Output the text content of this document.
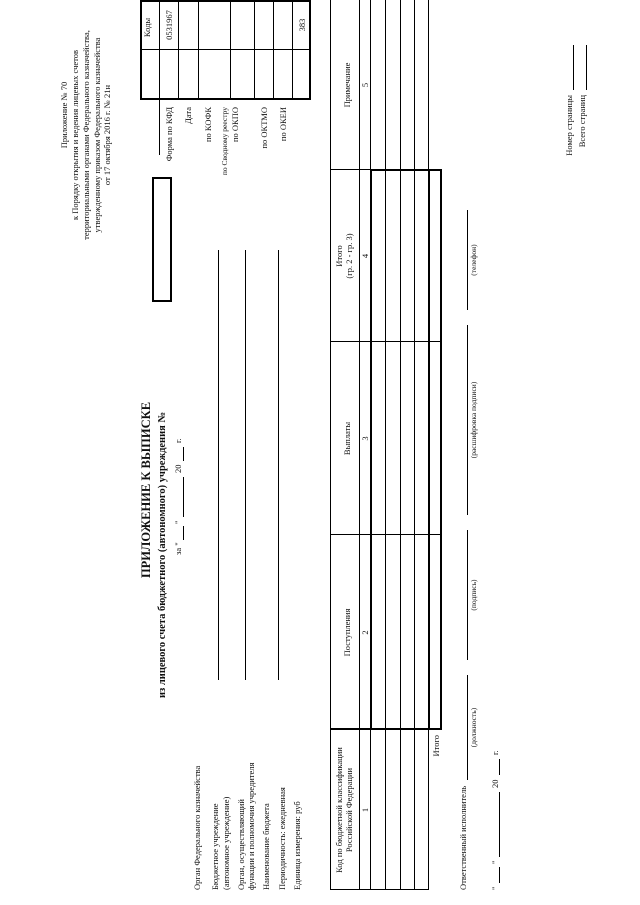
Приложение № 70 к Порядку открытия и ведения лицевых счетов территориальными органами Федерального казначейства, утвержденному приказом Федерального казначейства от 17 октября 2016 г. № 21н
ПРИЛОЖЕНИЕ К ВЫПИСКЕ из лицевого счета бюджетного (автономного) учреждения № за "
"
20
г.
Коды 0531967
Форма по КФД Дата по КОФК по Сводному реестру по ОКПО по ОКТМО по ОКЕИ
383
Орган Федерального казначейства Бюджетное учреждение (автономное учреждение) Орган, осуществляющий функции и полномочия учредителя Наименование бюджета Периодичность: ежедневная Единица измерения: руб	Код по бюджетной классификации Российской Федерации
Поступления
Выплаты
Итого (гр. 2 - гр. 3)
Примечание
1
2
3
4
5
Итого
Ответственный исполнитель
(должность)
(подпись)
(расшифровка подписи)
(телефон)
"
"
20
г.
Номер страницы Всего страниц
